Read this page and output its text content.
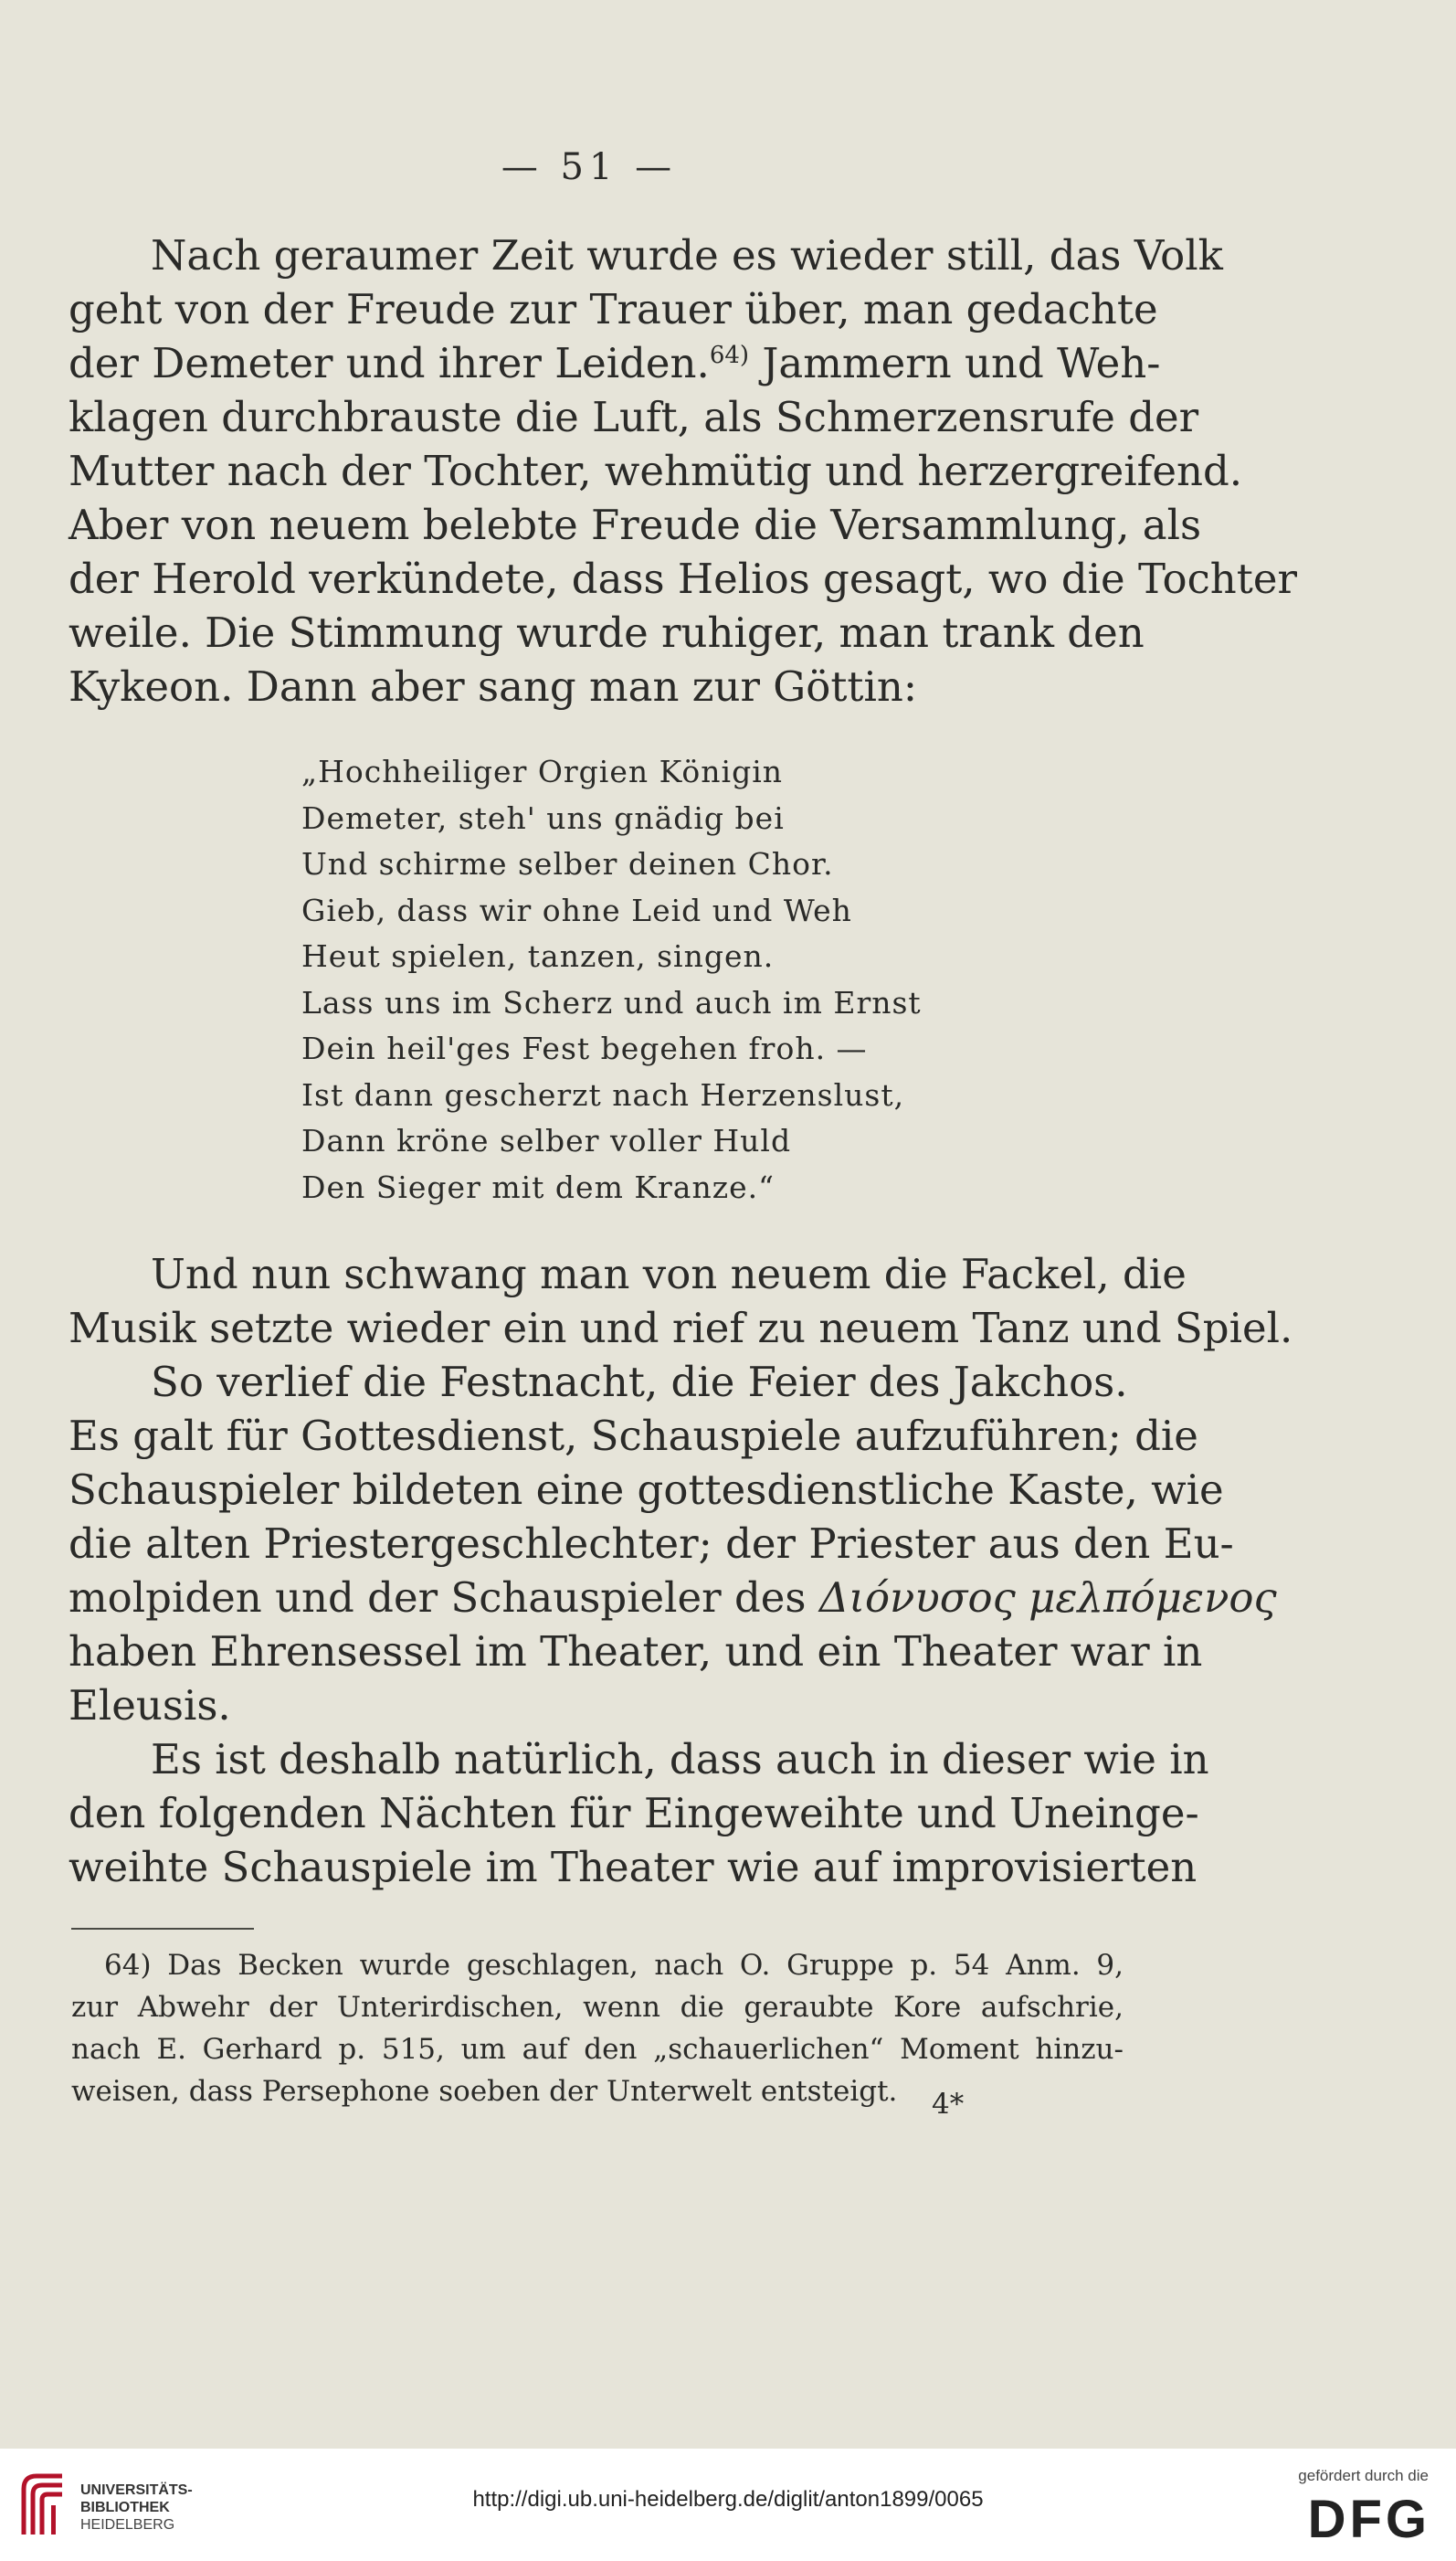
— 51 —
Nach geraumer Zeit wurde es wieder still, das Volk
geht von der Freude zur Trauer über, man gedachte
der Demeter und ihrer Leiden.$^{64)}$ Jammern und Weh-
klagen durchbrauste die Luft, als Schmerzensrufe der
Mutter nach der Tochter, wehmütig und herzergreifend.
Aber von neuem belebte Freude die Versammlung, als
der Herold verkündete, dass Helios gesagt, wo die Tochter
weile. Die Stimmung wurde ruhiger, man trank den
Kykeon. Dann aber sang man zur Göttin:
„Hochheiliger Orgien Königin
Demeter, steh' uns gnädig bei
Und schirme selber deinen Chor.
Gieb, dass wir ohne Leid und Weh
Heut spielen, tanzen, singen.
Lass uns im Scherz und auch im Ernst
Dein heil'ges Fest begehen froh. —
Ist dann gescherzt nach Herzenslust,
Dann kröne selber voller Huld
Den Sieger mit dem Kranze.“
Und nun schwang man von neuem die Fackel, die
Musik setzte wieder ein und rief zu neuem Tanz und Spiel.
So verlief die Festnacht, die Feier des Jakchos.
Es galt für Gottesdienst, Schauspiele aufzuführen; die
Schauspieler bildeten eine gottesdienstliche Kaste, wie
die alten Priestergeschlechter; der Priester aus den Eu-
molpiden und der Schauspieler des Διόνυσος μελπόμενος
haben Ehrensessel im Theater, und ein Theater war in
Eleusis.
Es ist deshalb natürlich, dass auch in dieser wie in
den folgenden Nächten für Eingeweihte und Uneinge-
weihte Schauspiele im Theater wie auf improvisierten
64) Das Becken wurde geschlagen, nach O. Gruppe p. 54 Anm. 9,
zur Abwehr der Unterirdischen, wenn die geraubte Kore aufschrie,
nach E. Gerhard p. 515, um auf den „schauerlichen“ Moment hinzu-
weisen, dass Persephone soeben der Unterwelt entsteigt.	4*
UNIVERSITÄTS-
BIBLIOTHEK
HEIDELBERG
http://digi.ub.uni-heidelberg.de/diglit/anton1899/0065
gefördert durch die
DFG
